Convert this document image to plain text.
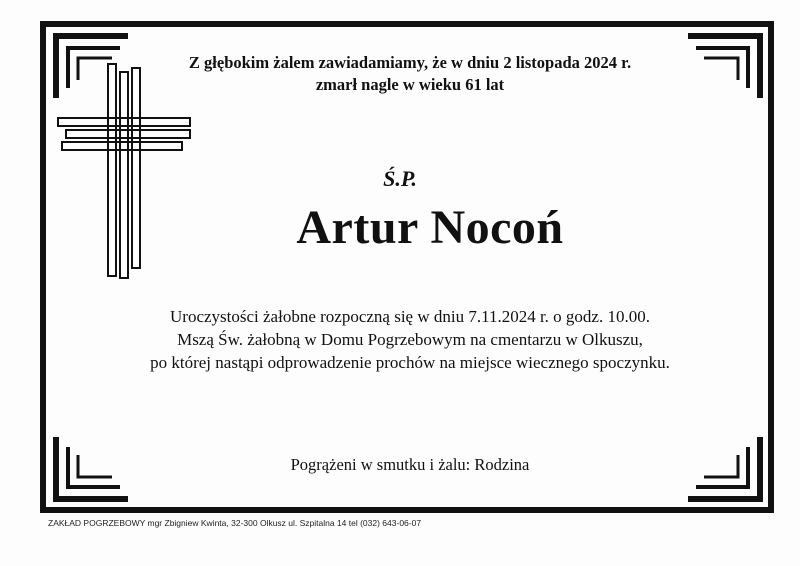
Z głębokim żalem zawiadamiamy, że w dniu 2 listopada 2024 r.
zmarł nagle w wieku 61 lat
Ś.P.
Artur Nocoń
Uroczystości żałobne rozpoczną się w dniu 7.11.2024 r. o godz. 10.00.
Mszą Św. żałobną w Domu Pogrzebowym na cmentarzu w Olkuszu,
po której nastąpi odprowadzenie prochów na miejsce wiecznego spoczynku.
Pogrążeni w smutku i żalu: Rodzina
ZAKŁAD POGRZEBOWY mgr Zbigniew Kwinta, 32-300 Olkusz ul. Szpitalna 14 tel (032) 643-06-07
